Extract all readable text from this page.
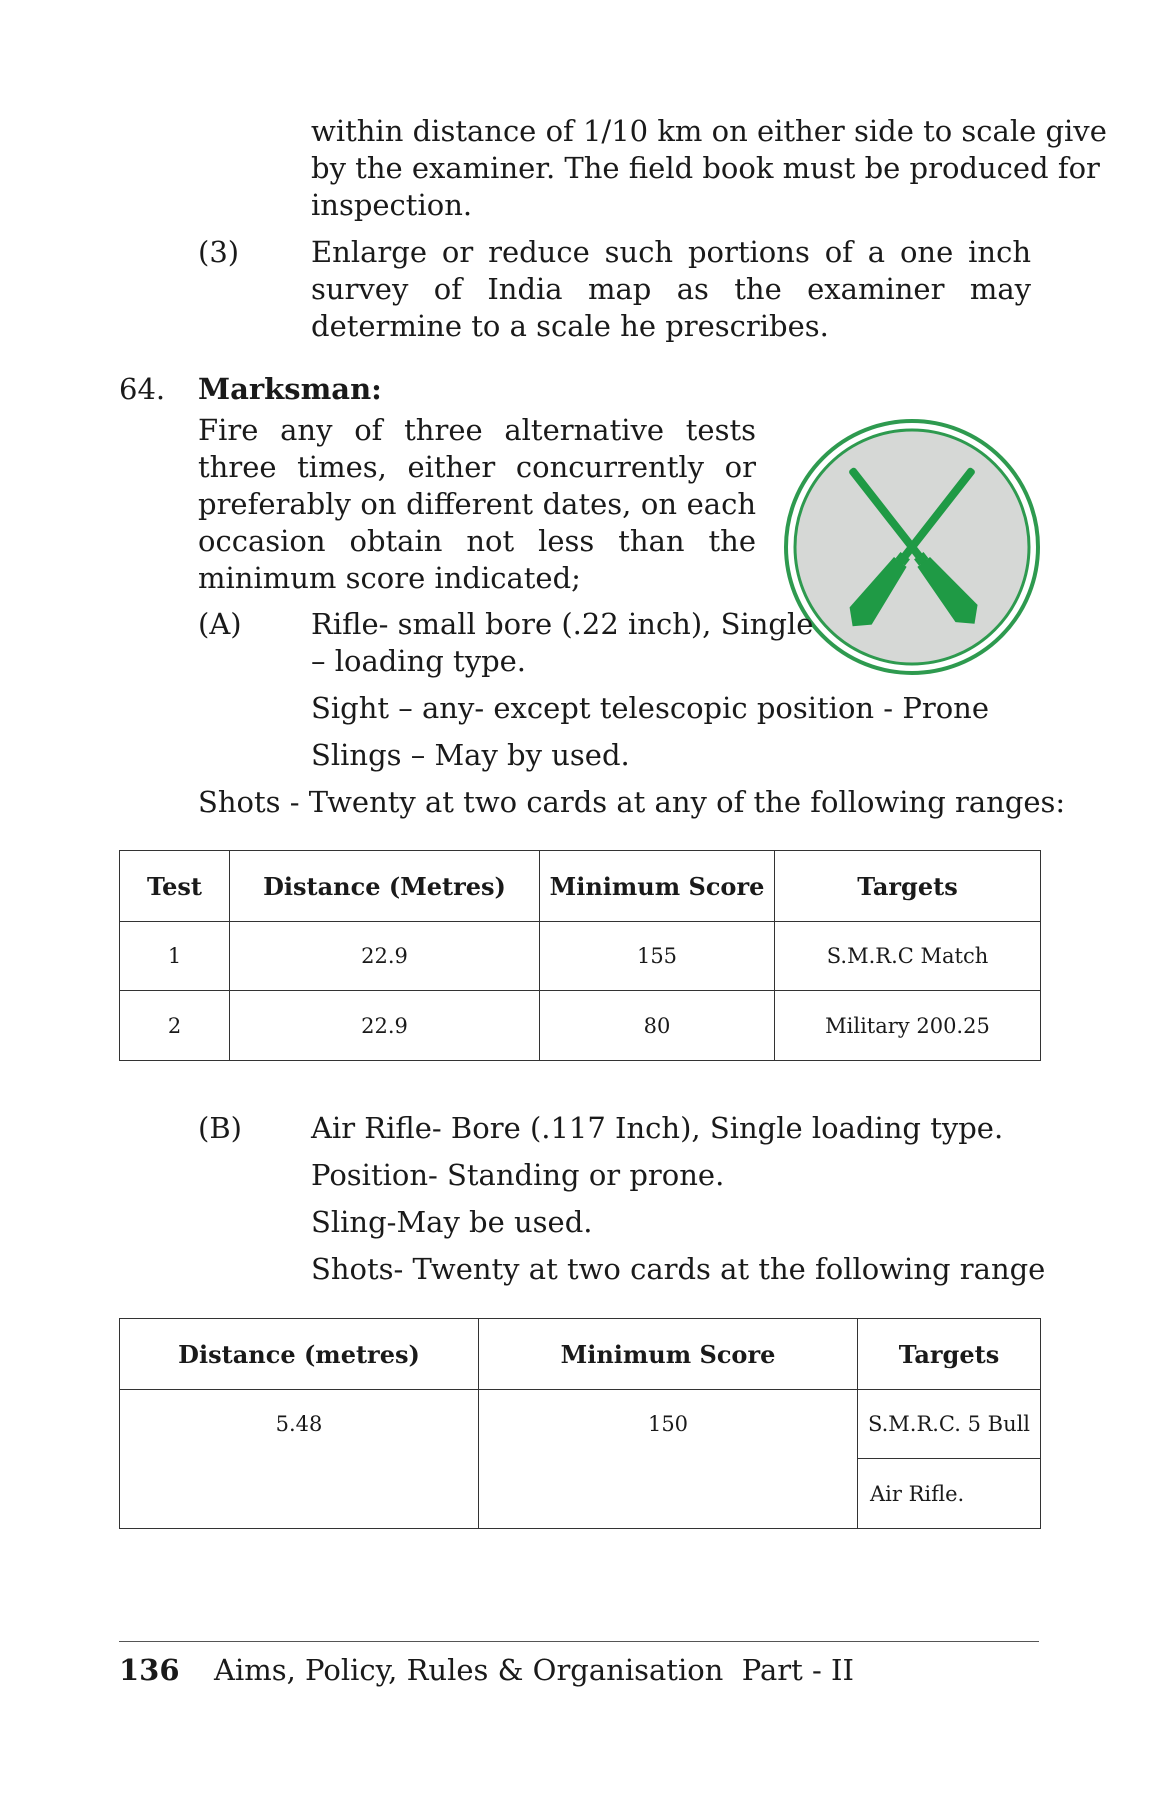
within distance of 1/10 km on either side to scale give

by the examiner. The field book must be produced for

inspection.

(3) Enlarge or reduce such portions of a one inch survey of India map as the examiner may determine to a scale he prescribes.

64. Marksman:

Fire any of three alternative tests three times, either concurrently or preferably on different dates, on each occasion obtain not less than the minimum score indicated;

(A) Rifle- small bore (.22 inch), Single

– loading type.

Sight – any- except telescopic position - Prone

Slings – May by used.

Shots - Twenty at two cards at any of the following ranges:

Test	Distance (Metres)	Minimum Score	Targets
1	22.9	155	S.M.R.C Match
2	22.9	80	Military 200.25
(B) Air Rifle- Bore (.117 Inch), Single loading type.

Position- Standing or prone.

Sling-May be used.

Shots- Twenty at two cards at the following range

Distance (metres)	Minimum Score	Targets
5.48	150	S.M.R.C. 5 Bull
		Air Rifle.
136 Aims, Policy, Rules & Organisation  Part - II
